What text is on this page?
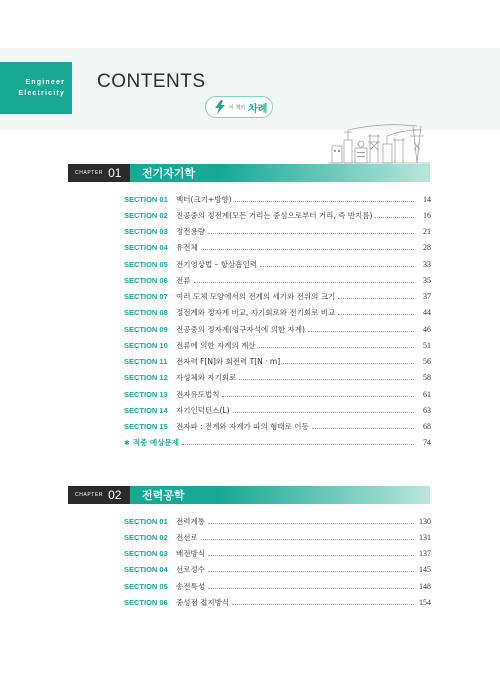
Engineer
Electricity
CONTENTS
이 책의 차례
CHAPTER 01 전기자기학
SECTION 01	벡터(크기+방향)	14
SECTION 02	진공중의 정전계(모든 거리는 중심으로부터 거리, 즉 반지름)	16
SECTION 03	정전용량	21
SECTION 04	유전체	28
SECTION 05	전기영상법 – 항상흡인력	33
SECTION 06	전류	35
SECTION 07	여러 도체 모양에서의 전계의 세기와 전위의 크기	37
SECTION 08	정전계와 정자계 비교, 자기회로와 전기회로 비교	44
SECTION 09	진공중의 정자계(영구자석에 의한 자계)	46
SECTION 10	전류에 의한 자계의 계산	51
SECTION 11	전자력 F[N]와 회전력 T[N · m]	56
SECTION 12	자성체와 자기회로	58
SECTION 13	전자유도법칙	61
SECTION 14	자기인덕턴스(L)	63
SECTION 15	전자파 : 전계와 자계가 파의 형태로 이동	68
✱ 적중 예상문제	74
CHAPTER 02 전력공학
SECTION 01	전력계통	130
SECTION 02	전선로	131
SECTION 03	배전방식	137
SECTION 04	선로정수	145
SECTION 05	송전특성	148
SECTION 06	중성점 접지방식	154
